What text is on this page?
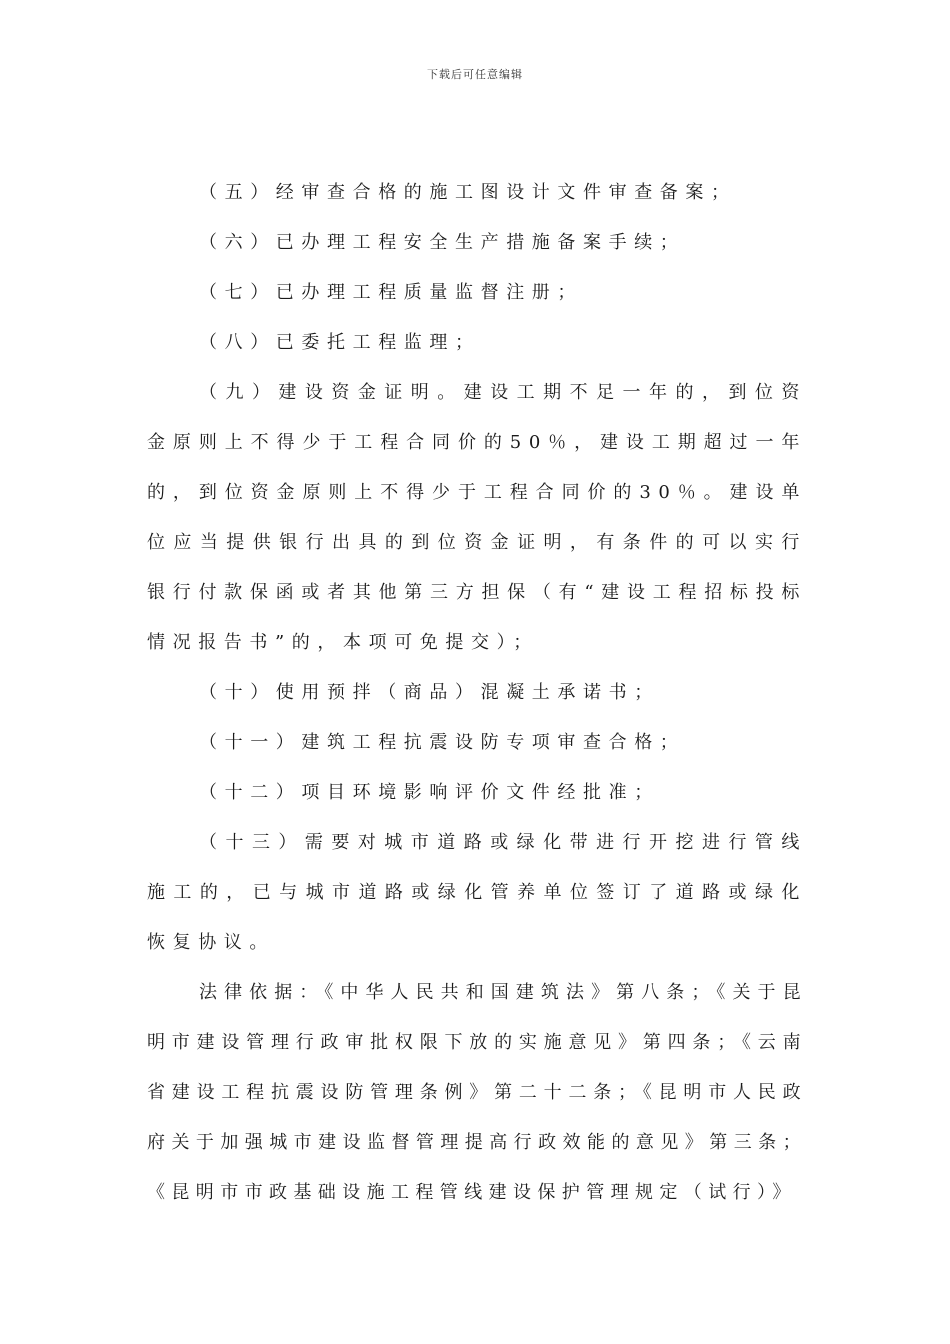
下载后可任意编辑

（五）经审查合格的施工图设计文件审查备案；

（六）已办理工程安全生产措施备案手续；

（七）已办理工程质量监督注册；

（八）已委托工程监理；

（九）建设资金证明。建设工期不足一年的，到位资金原则上不得少于工程合同价的50％，建设工期超过一年的，到位资金原则上不得少于工程合同价的30％。建设单位应当提供银行出具的到位资金证明，有条件的可以实行银行付款保函或者其他第三方担保（有“建设工程招标投标情况报告书”的，本项可免提交）；

（十）使用预拌（商品）混凝土承诺书；

（十一）建筑工程抗震设防专项审查合格；

（十二）项目环境影响评价文件经批准；

（十三）需要对城市道路或绿化带进行开挖进行管线施工的，已与城市道路或绿化管养单位签订了道路或绿化恢复协议。

法律依据：《中华人民共和国建筑法》第八条；《关于昆明市建设管理行政审批权限下放的实施意见》第四条；《云南省建设工程抗震设防管理条例》第二十二条；《昆明市人民政府关于加强城市建设监督管理提高行政效能的意见》第三条；《昆明市市政基础设施工程管线建设保护管理规定（试行）》
